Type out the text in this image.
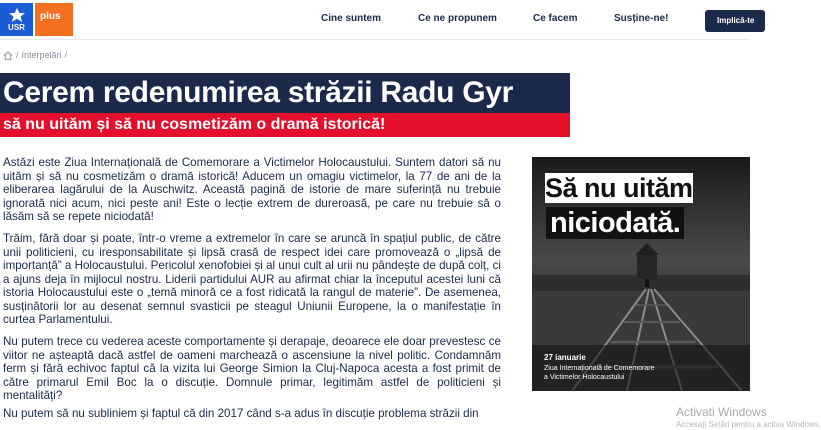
USR
plus	Cine suntem	Ce ne propunem	Ce facem	Susține-ne!	Implică-te
/ Interpelări /
Cerem redenumirea străzii Radu Gyr
să nu uităm și să nu cosmetizăm o dramă istorică!

Astăzi este Ziua Internațională de Comemorare a Victimelor Holocaustului. Suntem datori să nu uităm și să nu cosmetizăm o dramă istorică! Aducem un omagiu victimelor, la 77 de ani de la eliberarea lagărului de la Auschwitz. Această pagină de istorie de mare suferință nu trebuie ignorată nici acum, nici peste ani! Este o lecție extrem de dureroasă, pe care nu trebuie să o lăsăm să se repete niciodată!

Trăim, fără doar și poate, într-o vreme a extremelor în care se aruncă în spațiul public, de către unii politicieni, cu iresponsabilitate și lipsă crasă de respect idei care promovează o „lipsă de importanță” a Holocaustului. Pericolul xenofobiei și al unui cult al urii nu pândește de după colț, ci a ajuns deja în mijlocul nostru. Liderii partidului AUR au afirmat chiar la începutul acestei luni că istoria Holocaustului este o „temă minoră ce a fost ridicată la rangul de materie”. De asemenea, susținătorii lor au desenat semnul svasticii pe steagul Uniunii Europene, la o manifestație în curtea Parlamentului.

Nu putem trece cu vederea aceste comportamente și derapaje, deoarece ele doar prevestesc ce viitor ne așteaptă dacă astfel de oameni marchează o ascensiune la nivel politic. Condamnăm ferm și fără echivoc faptul că la vizita lui George Simion la Cluj-Napoca acesta a fost primit de către primarul Emil Boc la o discuție. Domnule primar, legitimăm astfel de politicieni și mentalități?

Nu putem să nu subliniem și faptul că din 2017 când s-a adus în discuție problema străzii din

Să nu uităm
niciodată.
27 ianuarie
Ziua Internațională de Comemorare
a Victimelor Holocaustului
Activati Windows
Accesați Setări pentru a activa Windows.
